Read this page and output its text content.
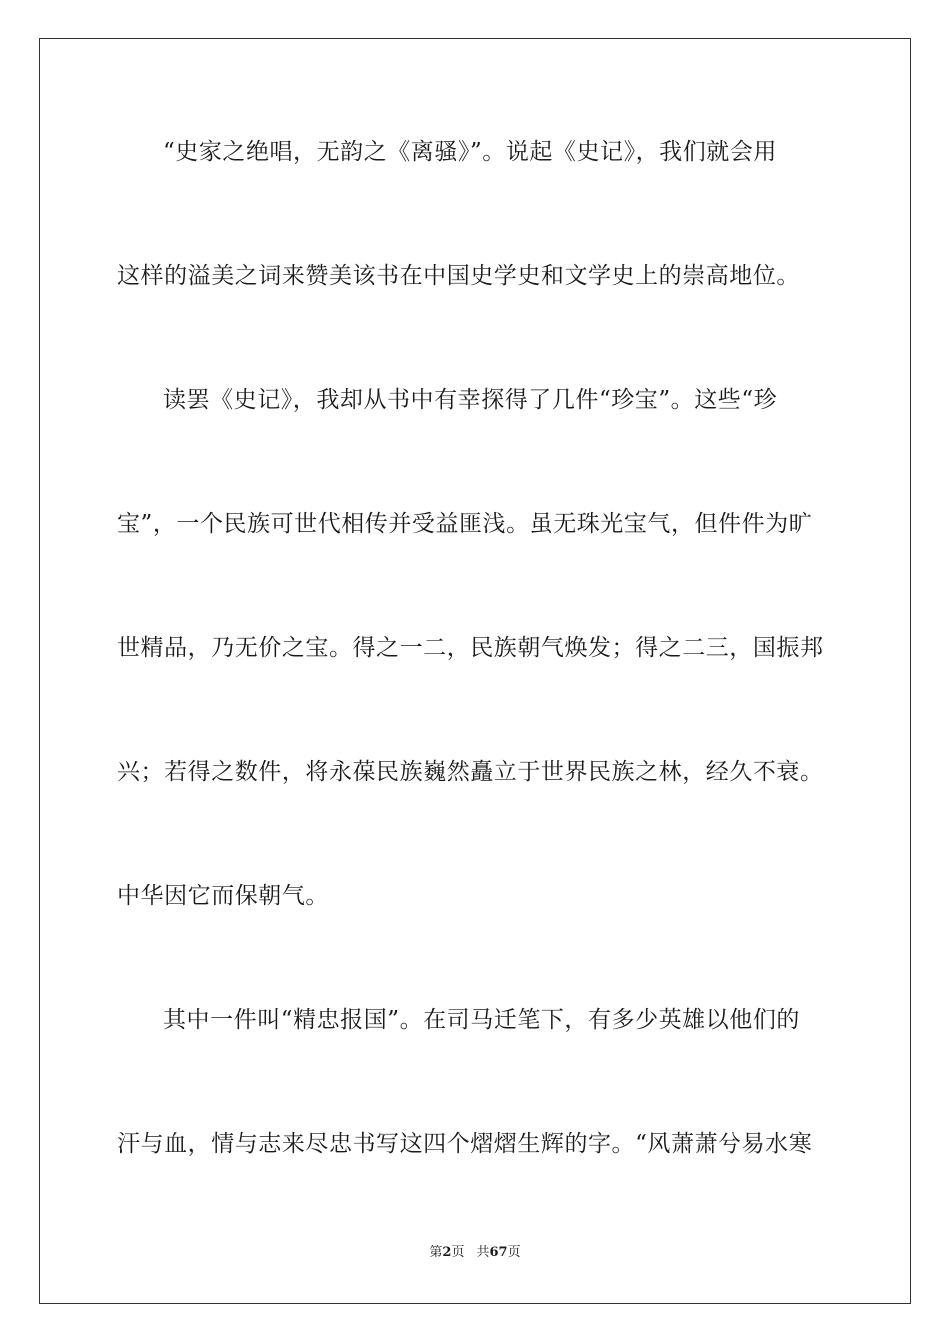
“史家之绝唱，无韵之《离骚》”。说起《史记》，我们就会用
这样的溢美之词来赞美该书在中国史学史和文学史上的崇高地位。
读罢《史记》，我却从书中有幸探得了几件“珍宝”。这些“珍
宝”，一个民族可世代相传并受益匪浅。虽无珠光宝气，但件件为旷
世精品，乃无价之宝。得之一二，民族朝气焕发；得之二三，国振邦
兴；若得之数件，将永葆民族巍然矗立于世界民族之林，经久不衰。
中华因它而保朝气。
其中一件叫“精忠报国”。在司马迁笔下，有多少英雄以他们的
汗与血，情与志来尽忠书写这四个熠熠生辉的字。“风萧萧兮易水寒
第2页 共67页
